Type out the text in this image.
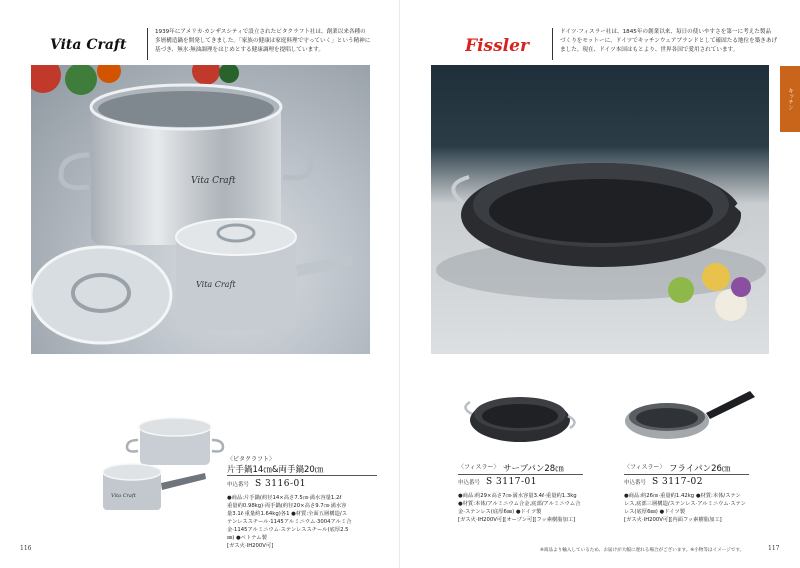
Vita Craft
1939年にアメリカ·カンザスシティで設立されたビタクラフト社は、創業以来各種の
多層構造鍋を開発してきました。「家族の健康は家庭料理で守っていく」という精神に
基づき、無水·無油調理をはじめとする健康調理を提唱しています。
Vita Craft
Vita Craft
Vita Craft
〈ビタクラフト〉
片手鍋14㎝&両手鍋20㎝
申込番号 S 3116-01
●商品:片手鍋(約径14×高さ7.5㎝·満水容量1.2ℓ
重量約0.98kg)·両手鍋(約径20×高さ9.7㎝·満水容
量3.1ℓ·重量約1.64kg)各1 ●材質:全面五層構造/ス
テンレススチール·1145アルミニウム·3004アルミ合
金·1145アルミニウム·ステンレススチール(底厚2.5
㎜) ●ベトナム製
[ガス火·IH200V可]
116
Fissler
ドイツ·フィスラー社は、1845年の創業以来、毎日の使いやすさを第一に考えた製品
づくりをモットーに、ドイツでキッチンウェアブランドとして確固たる地位を築きあげ
ました。現在、ドイツ本国はもとより、世界各国で愛用されています。
キッチン
〈フィスラー〉 サーブパン28㎝
申込番号 S 3117-01
●商品:約29×高さ7㎝·満水容量3.4ℓ·重量約1.3kg
●材質:本体/アルミニウム合金,底部/アルミニウム合
金·ステンレス(底厚6㎜) ●ドイツ製
[ガス火·IH200V可][オーブン可][フッ素樹脂加工]
〈フィスラー〉 フライパン26㎝
申込番号 S 3117-02
●商品:約26㎝·重量約1.42kg ●材質:本体/ステン
レス,底部三層構造/ステンレス·アルミニウム·ステン
レス(底厚6㎜) ●ドイツ製
[ガス火·IH200V可][内面フッ素樹脂加工]
※商品より輸入しているため、お届けが大幅に遅れる場合がございます。※小物等はイメージです。	117
